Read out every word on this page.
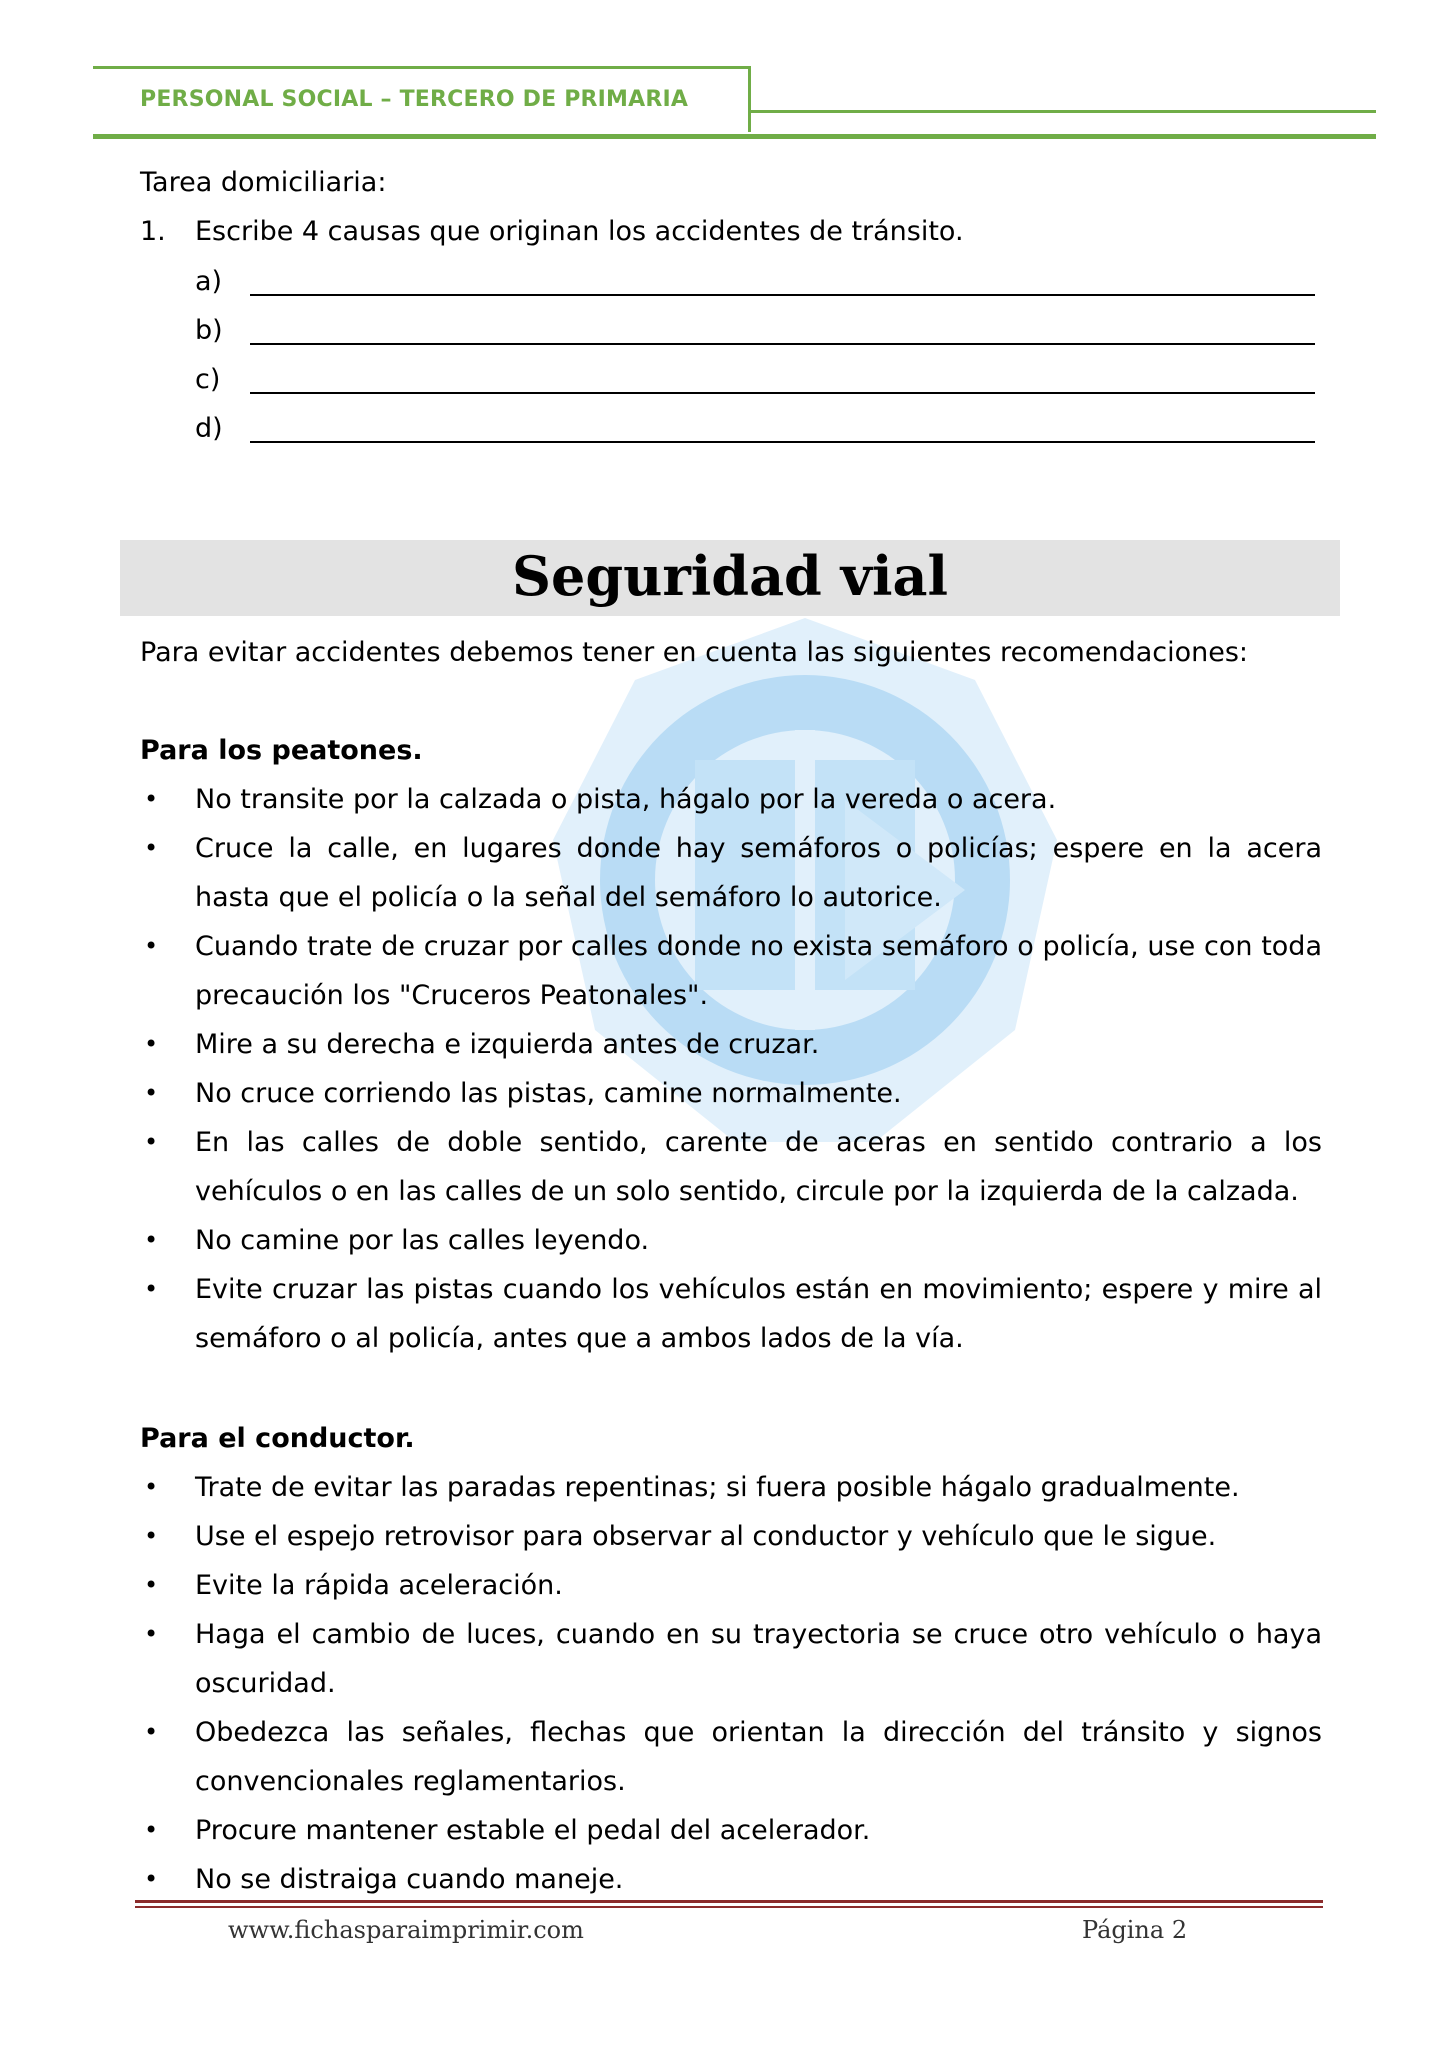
PERSONAL SOCIAL – TERCERO DE PRIMARIA
Tarea domiciliaria:
1. Escribe 4 causas que originan los accidentes de tránsito.
a)
b)
c)
d)
Seguridad vial
Para evitar accidentes debemos tener en cuenta las siguientes recomendaciones:
Para los peatones.
• No transite por la calzada o pista, hágalo por la vereda o acera.
• Cruce la calle, en lugares donde hay semáforos o policías; espere en la acera hasta que el policía o la señal del semáforo lo autorice.
• Cuando trate de cruzar por calles donde no exista semáforo o policía, use con toda precaución los "Cruceros Peatonales".
• Mire a su derecha e izquierda antes de cruzar.
• No cruce corriendo las pistas, camine normalmente.
• En las calles de doble sentido, carente de aceras en sentido contrario a los vehículos o en las calles de un solo sentido, circule por la izquierda de la calzada.
• No camine por las calles leyendo.
• Evite cruzar las pistas cuando los vehículos están en movimiento; espere y mire al semáforo o al policía, antes que a ambos lados de la vía.
Para el conductor.
• Trate de evitar las paradas repentinas; si fuera posible hágalo gradualmente.
• Use el espejo retrovisor para observar al conductor y vehículo que le sigue.
• Evite la rápida aceleración.
• Haga el cambio de luces, cuando en su trayectoria se cruce otro vehículo o haya oscuridad.
• Obedezca las señales, flechas que orientan la dirección del tránsito y signos convencionales reglamentarios.
• Procure mantener estable el pedal del acelerador.
• No se distraiga cuando maneje.
www.fichasparaimprimir.com	Página 2
